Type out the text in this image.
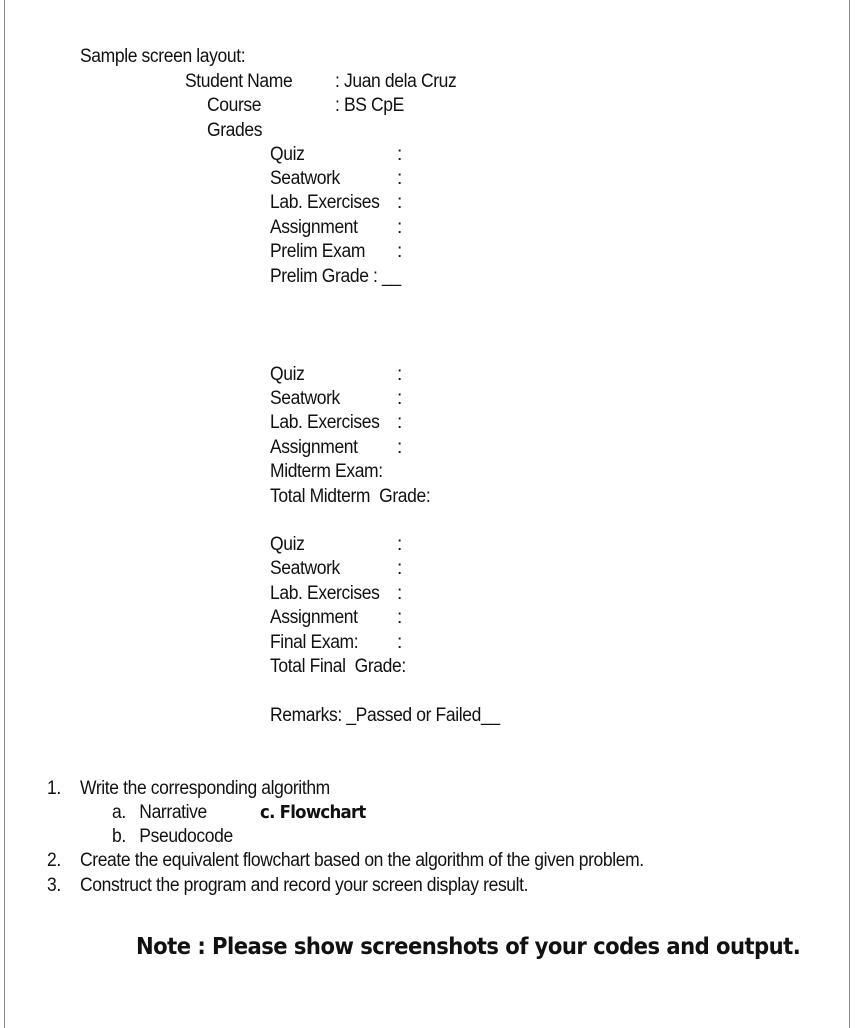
Sample screen layout:
Student Name : Juan dela Cruz
Course	: BS CpE
Grades
Quiz	:
Seatwork	:
Lab. Exercises :
Assignment :
Prelim Exam :
Prelim Grade : __
Quiz	:
Seatwork	:
Lab. Exercises :
Assignment :
Midterm Exam:
Total Midterm  Grade:
Quiz	:
Seatwork	:
Lab. Exercises :
Assignment :
Final Exam: :
Total Final  Grade:
Remarks: _Passed or Failed__
1. Write the corresponding algorithm
a.   Narrative	c. Flowchart
b.   Pseudocode
2. Create the equivalent flowchart based on the algorithm of the given problem.
3. Construct the program and record your screen display result.
Note : Please show screenshots of your codes and output.
